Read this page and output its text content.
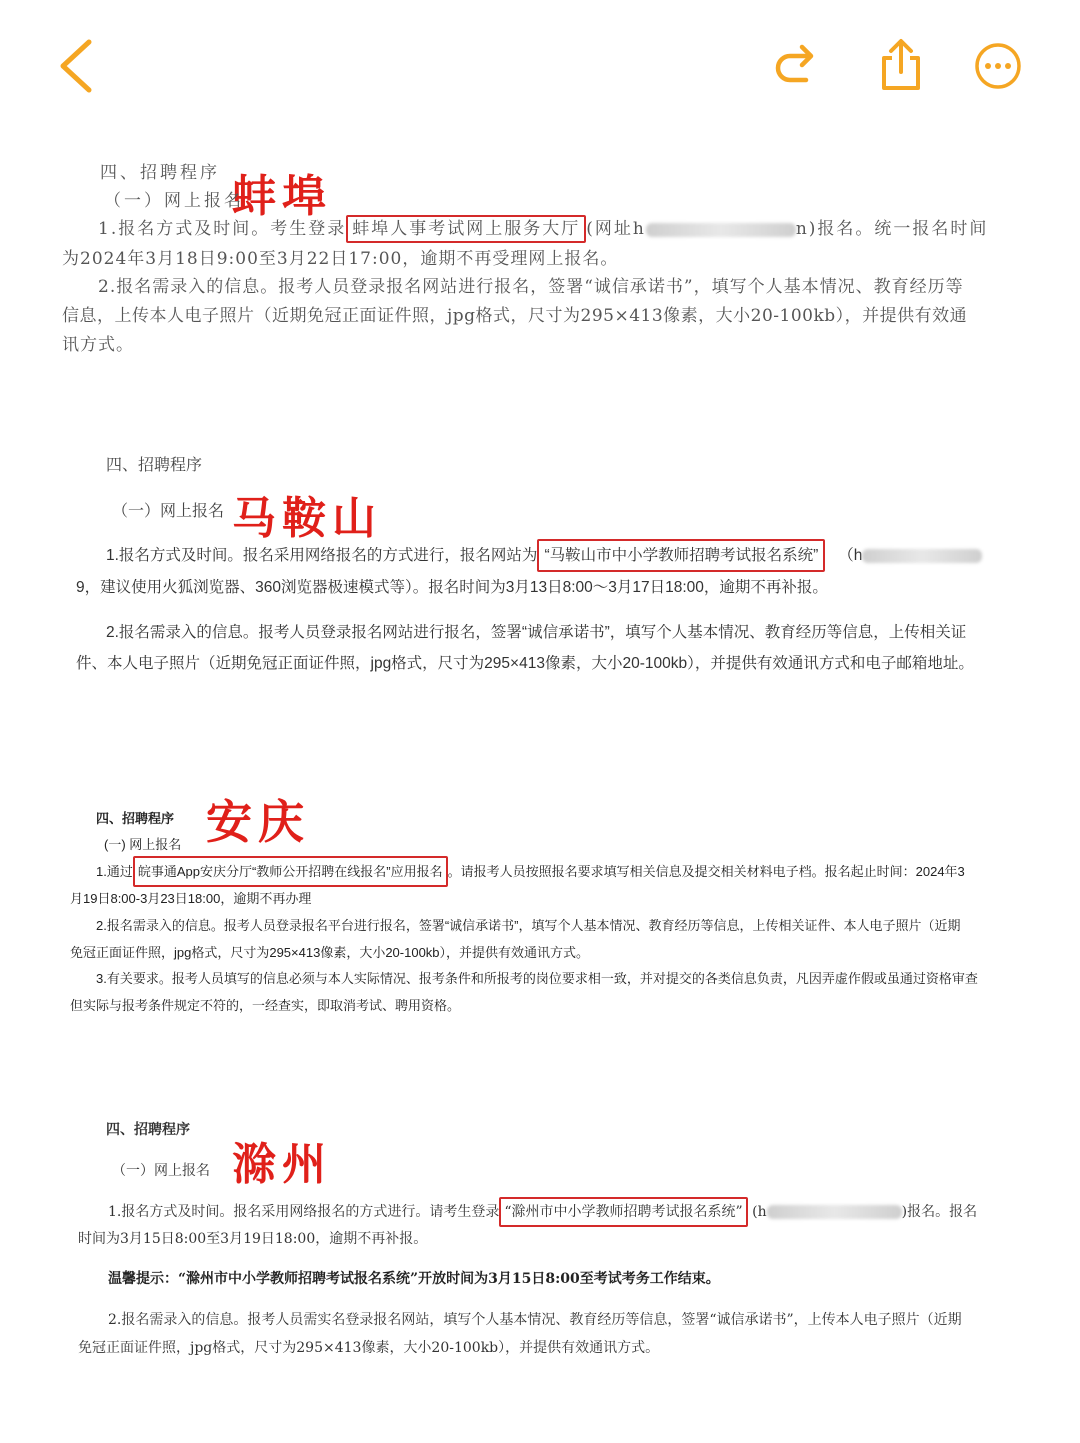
四、招聘程序 蚌埠
（一）网上报名
1.报名方式及时间。考生登录 蚌埠人事考试网上服务大厅 (网址h	n)报名。统一报名时间
为2024年3月18日9:00至3月22日17:00，逾期不再受理网上报名。
2.报名需录入的信息。报考人员登录报名网站进行报名，签署“诚信承诺书”，填写个人基本情况、教育经历等
信息，上传本人电子照片（近期免冠正面证件照，jpg格式，尺寸为295×413像素，大小20-100kb），并提供有效通
讯方式。
四、招聘程序
（一）网上报名 马鞍山
1.报名方式及时间。报名采用网络报名的方式进行，报名网站为 “马鞍山市中小学教师招聘考试报名系统” （h
9，建议使用火狐浏览器、360浏览器极速模式等）。报名时间为3月13日8:00～3月17日18:00，逾期不再补报。
2.报名需录入的信息。报考人员登录报名网站进行报名，签署“诚信承诺书”，填写个人基本情况、教育经历等信息，上传相关证
件、本人电子照片（近期免冠正面证件照，jpg格式，尺寸为295×413像素，大小20-100kb），并提供有效通讯方式和电子邮箱地址。
四、招聘程序 安庆
(一) 网上报名
1.通过 皖事通App安庆分厅“教师公开招聘在线报名”应用报名 。请报考人员按照报名要求填写相关信息及提交相关材料电子档。报名起止时间：2024年3
月19日8:00-3月23日18:00，逾期不再办理
2.报名需录入的信息。报考人员登录报名平台进行报名，签署“诚信承诺书”，填写个人基本情况、教育经历等信息，上传相关证件、本人电子照片（近期
免冠正面证件照，jpg格式，尺寸为295×413像素，大小20-100kb），并提供有效通讯方式。
3.有关要求。报考人员填写的信息必须与本人实际情况、报考条件和所报考的岗位要求相一致，并对提交的各类信息负责，凡因弄虚作假或虽通过资格审查
但实际与报考条件规定不符的，一经查实，即取消考试、聘用资格。
四、招聘程序
（一）网上报名 滁州
1.报名方式及时间。报名采用网络报名的方式进行。请考生登录 “滁州市中小学教师招聘考试报名系统” (h	)报名。报名
时间为3月15日8:00至3月19日18:00，逾期不再补报。
温馨提示：“滁州市中小学教师招聘考试报名系统”开放时间为3月15日8:00至考试考务工作结束。
2.报名需录入的信息。报考人员需实名登录报名网站，填写个人基本情况、教育经历等信息，签署“诚信承诺书”，上传本人电子照片（近期
免冠正面证件照，jpg格式，尺寸为295×413像素，大小20-100kb），并提供有效通讯方式。
